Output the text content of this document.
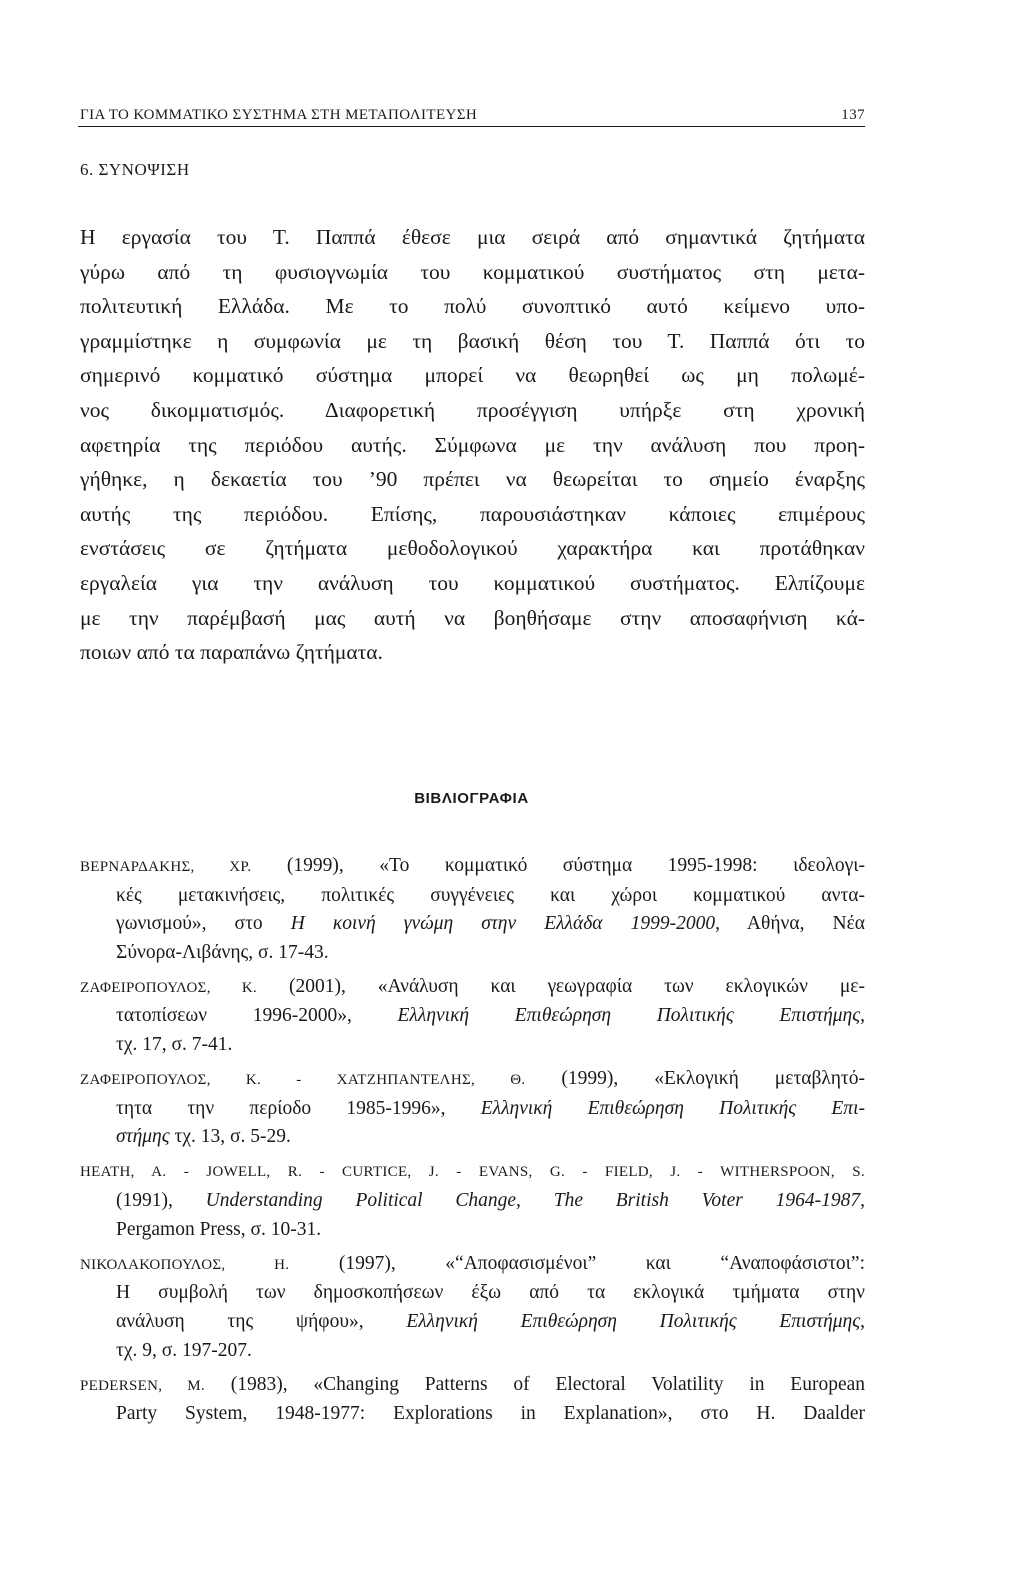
ΓΙΑ ΤΟ ΚΟΜΜΑΤΙΚΟ ΣΥΣΤΗΜΑ ΣΤΗ ΜΕΤΑΠΟΛΙΤΕΥΣΗ	137
6. ΣΥΝΟΨΙΣΗ

Η εργασία του Τ. Παππά έθεσε μια σειρά από σημαντικά ζητήματα
γύρω από τη φυσιογνωμία του κομματικού συστήματος στη μετα-
πολιτευτική Ελλάδα. Με το πολύ συνοπτικό αυτό κείμενο υπο-
γραμμίστηκε η συμφωνία με τη βασική θέση του Τ. Παππά ότι το
σημερινό κομματικό σύστημα μπορεί να θεωρηθεί ως μη πολωμέ-
νος δικομματισμός. Διαφορετική προσέγγιση υπήρξε στη χρονική
αφετηρία της περιόδου αυτής. Σύμφωνα με την ανάλυση που προη-
γήθηκε, η δεκαετία του ’90 πρέπει να θεωρείται το σημείο έναρξης
αυτής της περιόδου. Επίσης, παρουσιάστηκαν κάποιες επιμέρους
ενστάσεις σε ζητήματα μεθοδολογικού χαρακτήρα και προτάθηκαν
εργαλεία για την ανάλυση του κομματικού συστήματος. Ελπίζουμε
με την παρέμβασή μας αυτή να βοηθήσαμε στην αποσαφήνιση κά-
ποιων από τα παραπάνω ζητήματα.

ΒΙΒΛΙΟΓΡΑΦΙΑ
ΒΕΡΝΑΡΔΑΚΗΣ, ΧΡ. (1999), «Το κομματικό σύστημα 1995-1998: ιδεολογι-
κές μετακινήσεις, πολιτικές συγγένειες και χώροι κομματικού αντα-
γωνισμού», στο Η κοινή γνώμη στην Ελλάδα 1999-2000, Αθήνα, Νέα
Σύνορα-Λιβάνης, σ. 17-43.
ΖΑΦΕΙΡΟΠΟΥΛΟΣ, Κ. (2001), «Ανάλυση και γεωγραφία των εκλογικών με-
τατοπίσεων 1996-2000», Ελληνική Επιθεώρηση Πολιτικής Επιστήμης,
τχ. 17, σ. 7-41.
ΖΑΦΕΙΡΟΠΟΥΛΟΣ, Κ. - ΧΑΤΖΗΠΑΝΤΕΛΗΣ, Θ. (1999), «Εκλογική μεταβλητό-
τητα την περίοδο 1985-1996», Ελληνική Επιθεώρηση Πολιτικής Επι-
στήμης τχ. 13, σ. 5-29.
HEATH, A. - JOWELL, R. - CURTICE, J. - EVANS, G. - FIELD, J. - WITHERSPOON, S.
(1991), Understanding Political Change, The British Voter 1964-1987,
Pergamon Press, σ. 10-31.
ΝΙΚΟΛΑΚΟΠΟΥΛΟΣ, Η. (1997), «“Αποφασισμένοι” και “Αναποφάσιστοι”:
Η συμβολή των δημοσκοπήσεων έξω από τα εκλογικά τμήματα στην
ανάλυση της ψήφου», Ελληνική Επιθεώρηση Πολιτικής Επιστήμης,
τχ. 9, σ. 197-207.
PEDERSEN, M. (1983), «Changing Patterns of Electoral Volatility in European
Party System, 1948-1977: Explorations in Explanation», στο H. Daalder
